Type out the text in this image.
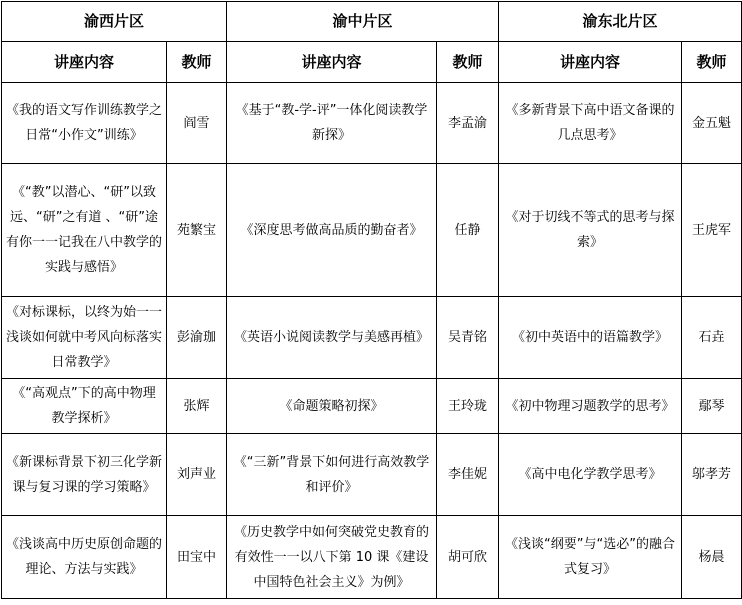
渝西片区		渝中片区		渝东北片区	
讲座内容	教师	讲座内容	教师	讲座内容	教师
《我的语文写作训练教学之日常“小作文”训练》	阎雪	《基于“教-学-评”一体化阅读教学新探》	李孟渝	《多新背景下高中语文备课的几点思考》	金五魁
《“教”以潜心、“研”以致远、“研”之有道 、“研”途有你一一记我在八中教学的实践与感悟》	苑繁宝	《深度思考做高品质的勤奋者》	任静	《对于切线不等式的思考与探索》	王虎军
《对标课标，以终为始一一浅谈如何就中考风向标落实日常教学》	彭渝珈	《英语小说阅读教学与美感再植》	吴青铭	《初中英语中的语篇教学》	石垚
《“高观点”下的高中物理教学探析》	张辉	《命题策略初探》	王玲珑	《初中物理习题教学的思考》	鄢琴
《新课标背景下初三化学新课与复习课的学习策略》	刘声业	《“三新”背景下如何进行高效教学和评价》	李佳妮	《高中电化学教学思考》	邬孝芳
《浅谈高中历史原创命题的理论、方法与实践》	田宝中	《历史教学中如何突破党史教育的有效性一一以八下第 10 课《建设中国特色社会主义》为例》	胡可欣	《浅谈“纲要”与“选必”的融合式复习》	杨晨
